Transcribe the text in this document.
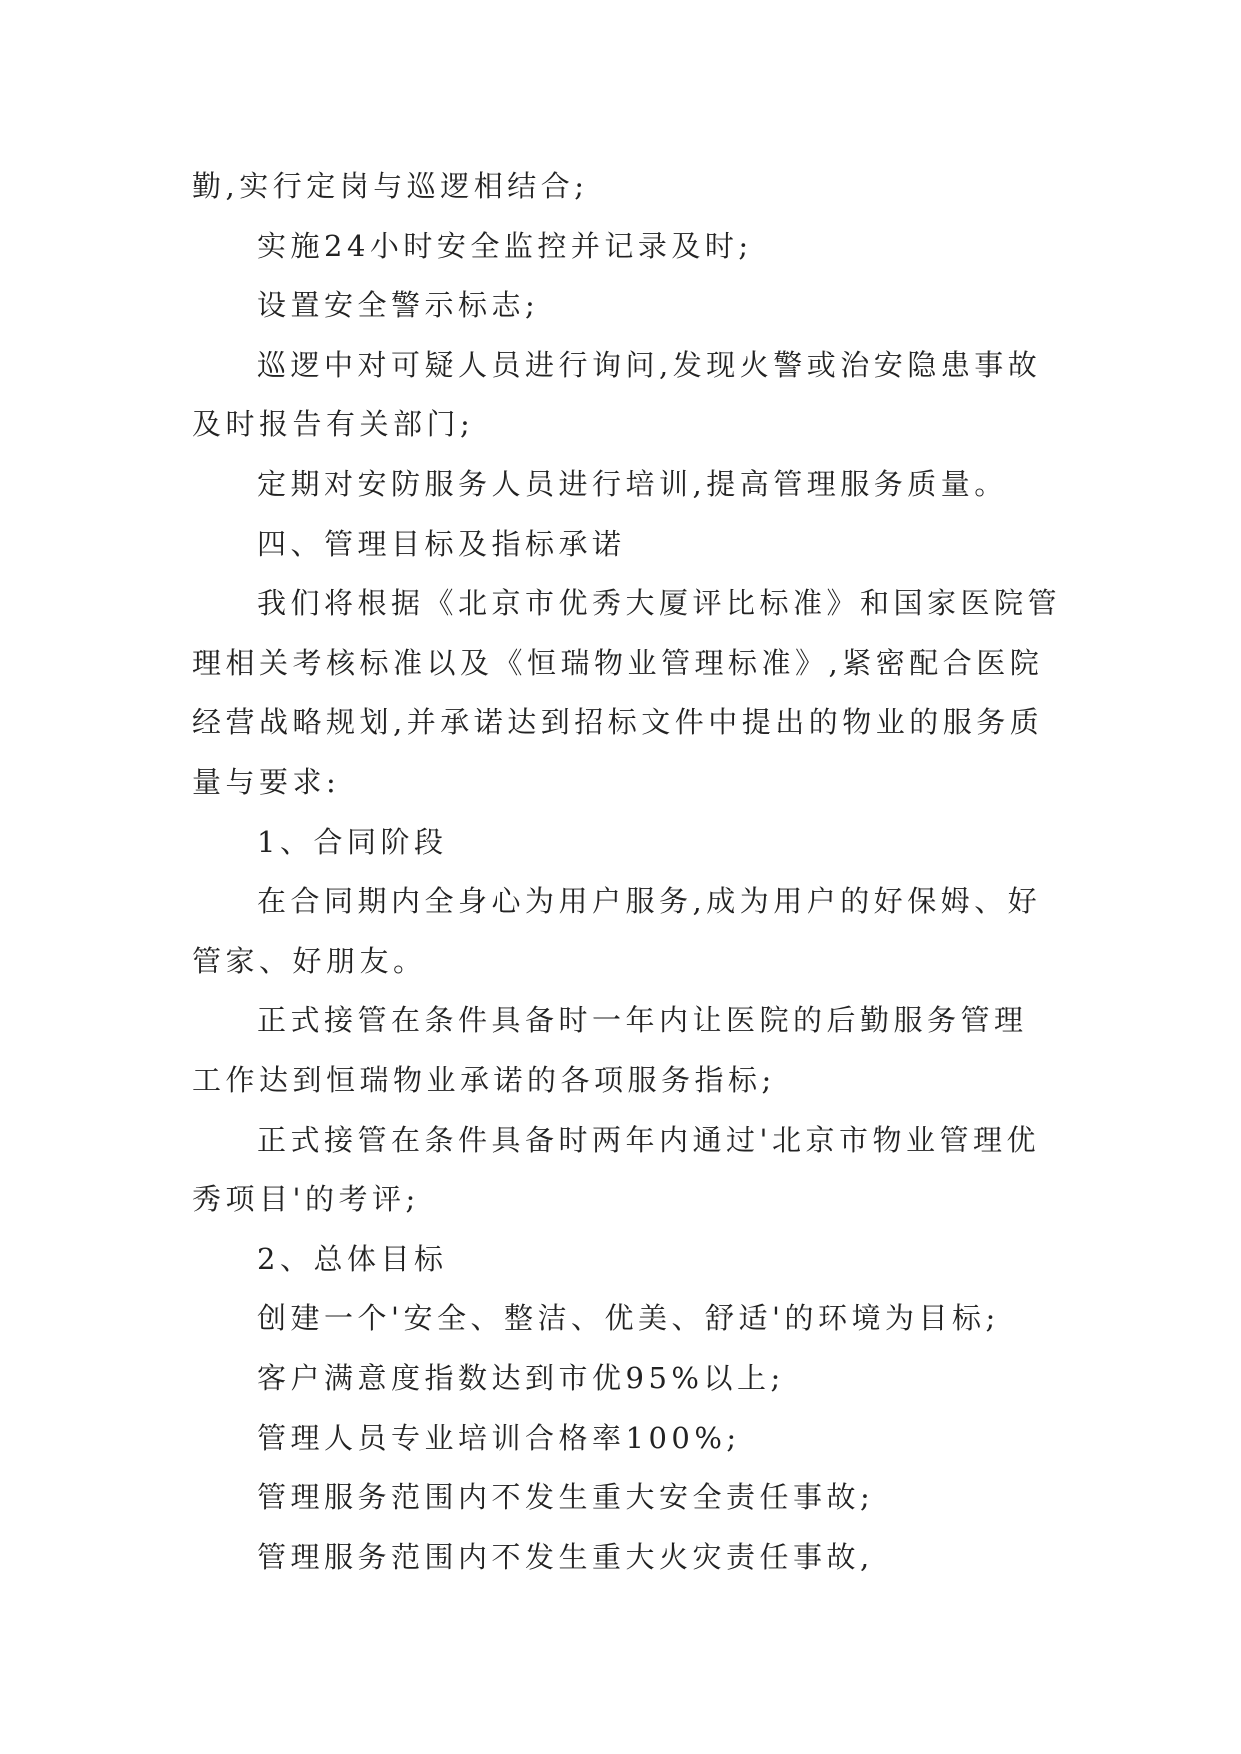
勤,实行定岗与巡逻相结合;

实施24小时安全监控并记录及时;

设置安全警示标志;

巡逻中对可疑人员进行询问,发现火警或治安隐患事故

及时报告有关部门;

定期对安防服务人员进行培训,提高管理服务质量。

四、管理目标及指标承诺

我们将根据《北京市优秀大厦评比标准》和国家医院管

理相关考核标准以及《恒瑞物业管理标准》,紧密配合医院

经营战略规划,并承诺达到招标文件中提出的物业的服务质

量与要求:

1、合同阶段

在合同期内全身心为用户服务,成为用户的好保姆、好

管家、好朋友。

正式接管在条件具备时一年内让医院的后勤服务管理

工作达到恒瑞物业承诺的各项服务指标;

正式接管在条件具备时两年内通过'北京市物业管理优

秀项目'的考评;

2、总体目标

创建一个'安全、整洁、优美、舒适'的环境为目标;

客户满意度指数达到市优95%以上;

管理人员专业培训合格率100%;

管理服务范围内不发生重大安全责任事故;

管理服务范围内不发生重大火灾责任事故,
